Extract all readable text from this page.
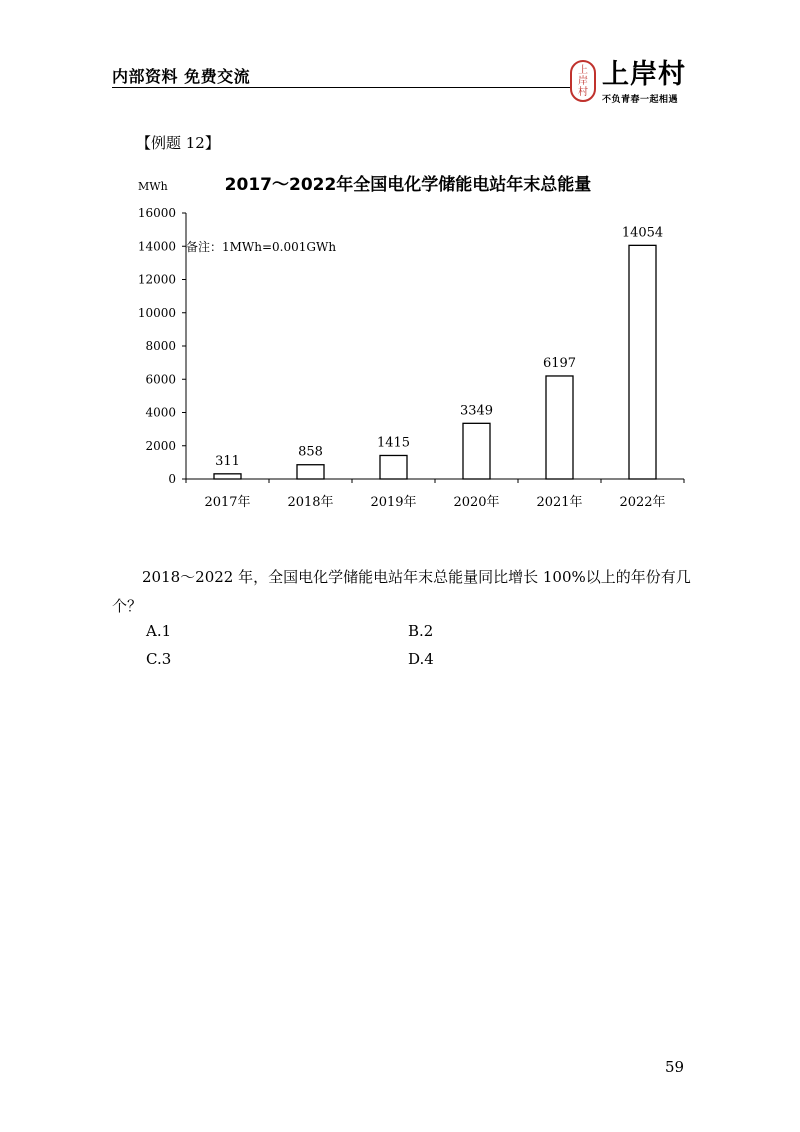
内部资料 免费交流	上
岸
村
上岸村
不负青春一起相遇
【例题 12】
2017～2022年全国电化学储能电站年末总能量
MWh
备注：1MWh=0.001GWh
0
2000
4000
6000
8000
10000
12000
14000
16000
311
2017年
858
2018年
1415
2019年
3349
2020年
6197
2021年
14054
2022年
2018～2022 年，全国电化学储能电站年末总能量同比增长 100%以上的年份有几个？
A.1	B.2
C.3	D.4
59
